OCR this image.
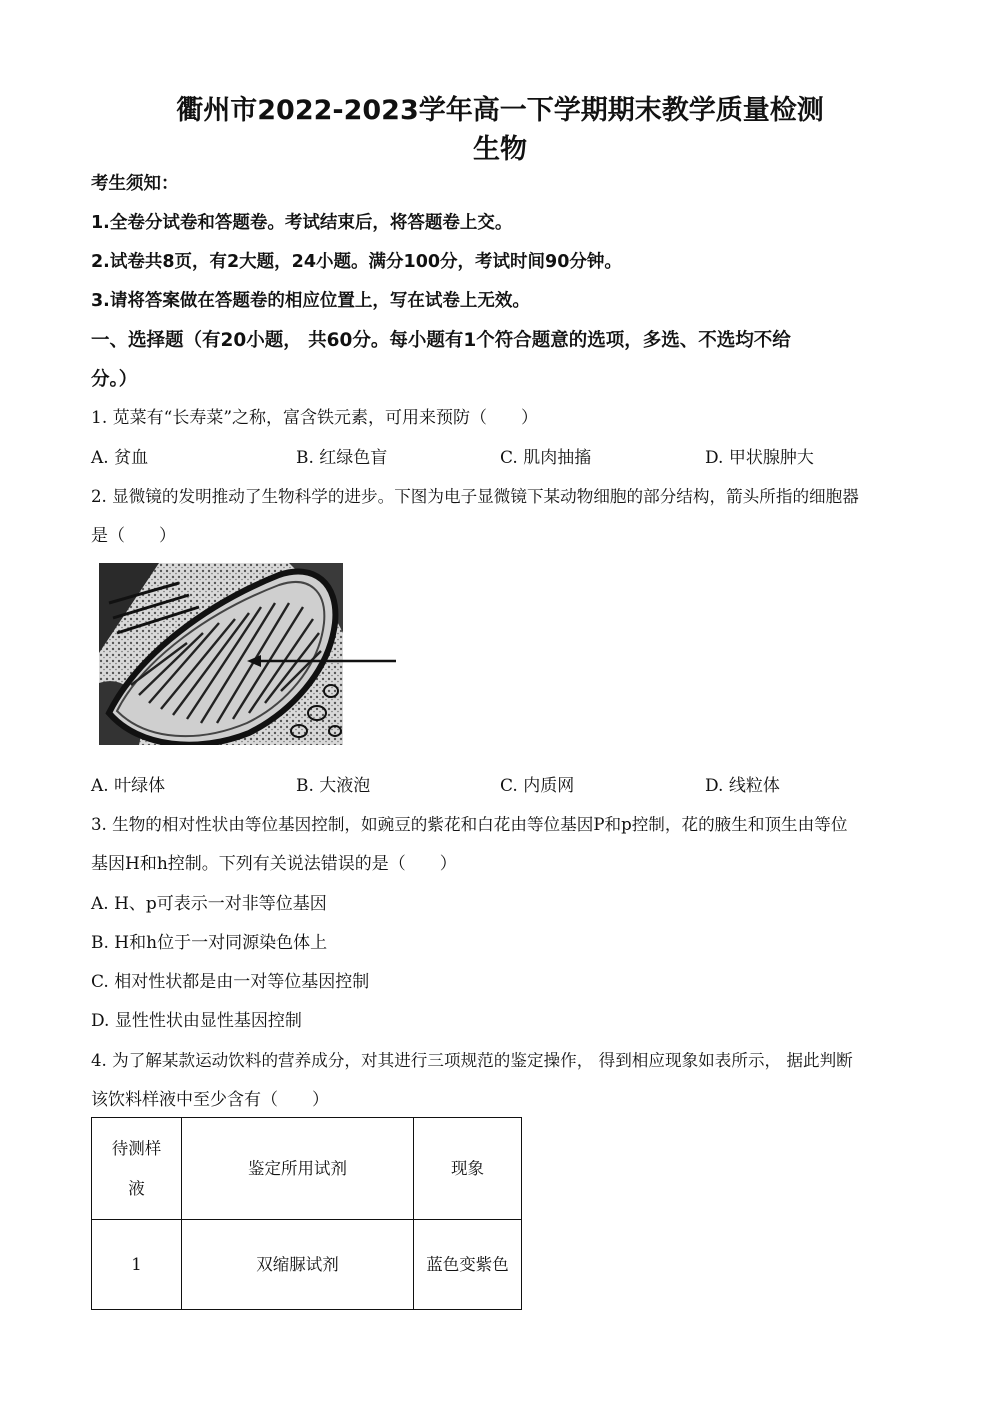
衢州市2022-2023学年高一下学期期末教学质量检测
生物
考生须知：
1.全卷分试卷和答题卷。考试结束后，将答题卷上交。
2.试卷共8页，有2大题，24小题。满分100分，考试时间90分钟。
3.请将答案做在答题卷的相应位置上，写在试卷上无效。
一、选择题（有20小题， 共60分。每小题有1个符合题意的选项，多选、不选均不给
分。）
1. 苋菜有“长寿菜”之称，富含铁元素，可用来预防（　　）
A. 贫血	B. 红绿色盲	C. 肌肉抽搐	D. 甲状腺肿大
2. 显微镜的发明推动了生物科学的进步。下图为电子显微镜下某动物细胞的部分结构，箭头所指的细胞器
是（　　）
A. 叶绿体	B. 大液泡	C. 内质网	D. 线粒体
3. 生物的相对性状由等位基因控制，如豌豆的紫花和白花由等位基因P和p控制，花的腋生和顶生由等位
基因H和h控制。下列有关说法错误的是（　　）
A. H、p可表示一对非等位基因
B. H和h位于一对同源染色体上
C. 相对性状都是由一对等位基因控制
D. 显性性状由显性基因控制
4. 为了解某款运动饮料的营养成分，对其进行三项规范的鉴定操作， 得到相应现象如表所示， 据此判断
该饮料样液中至少含有（　　）
待测样液	鉴定所用试剂	现象
1	双缩脲试剂	蓝色变紫色
